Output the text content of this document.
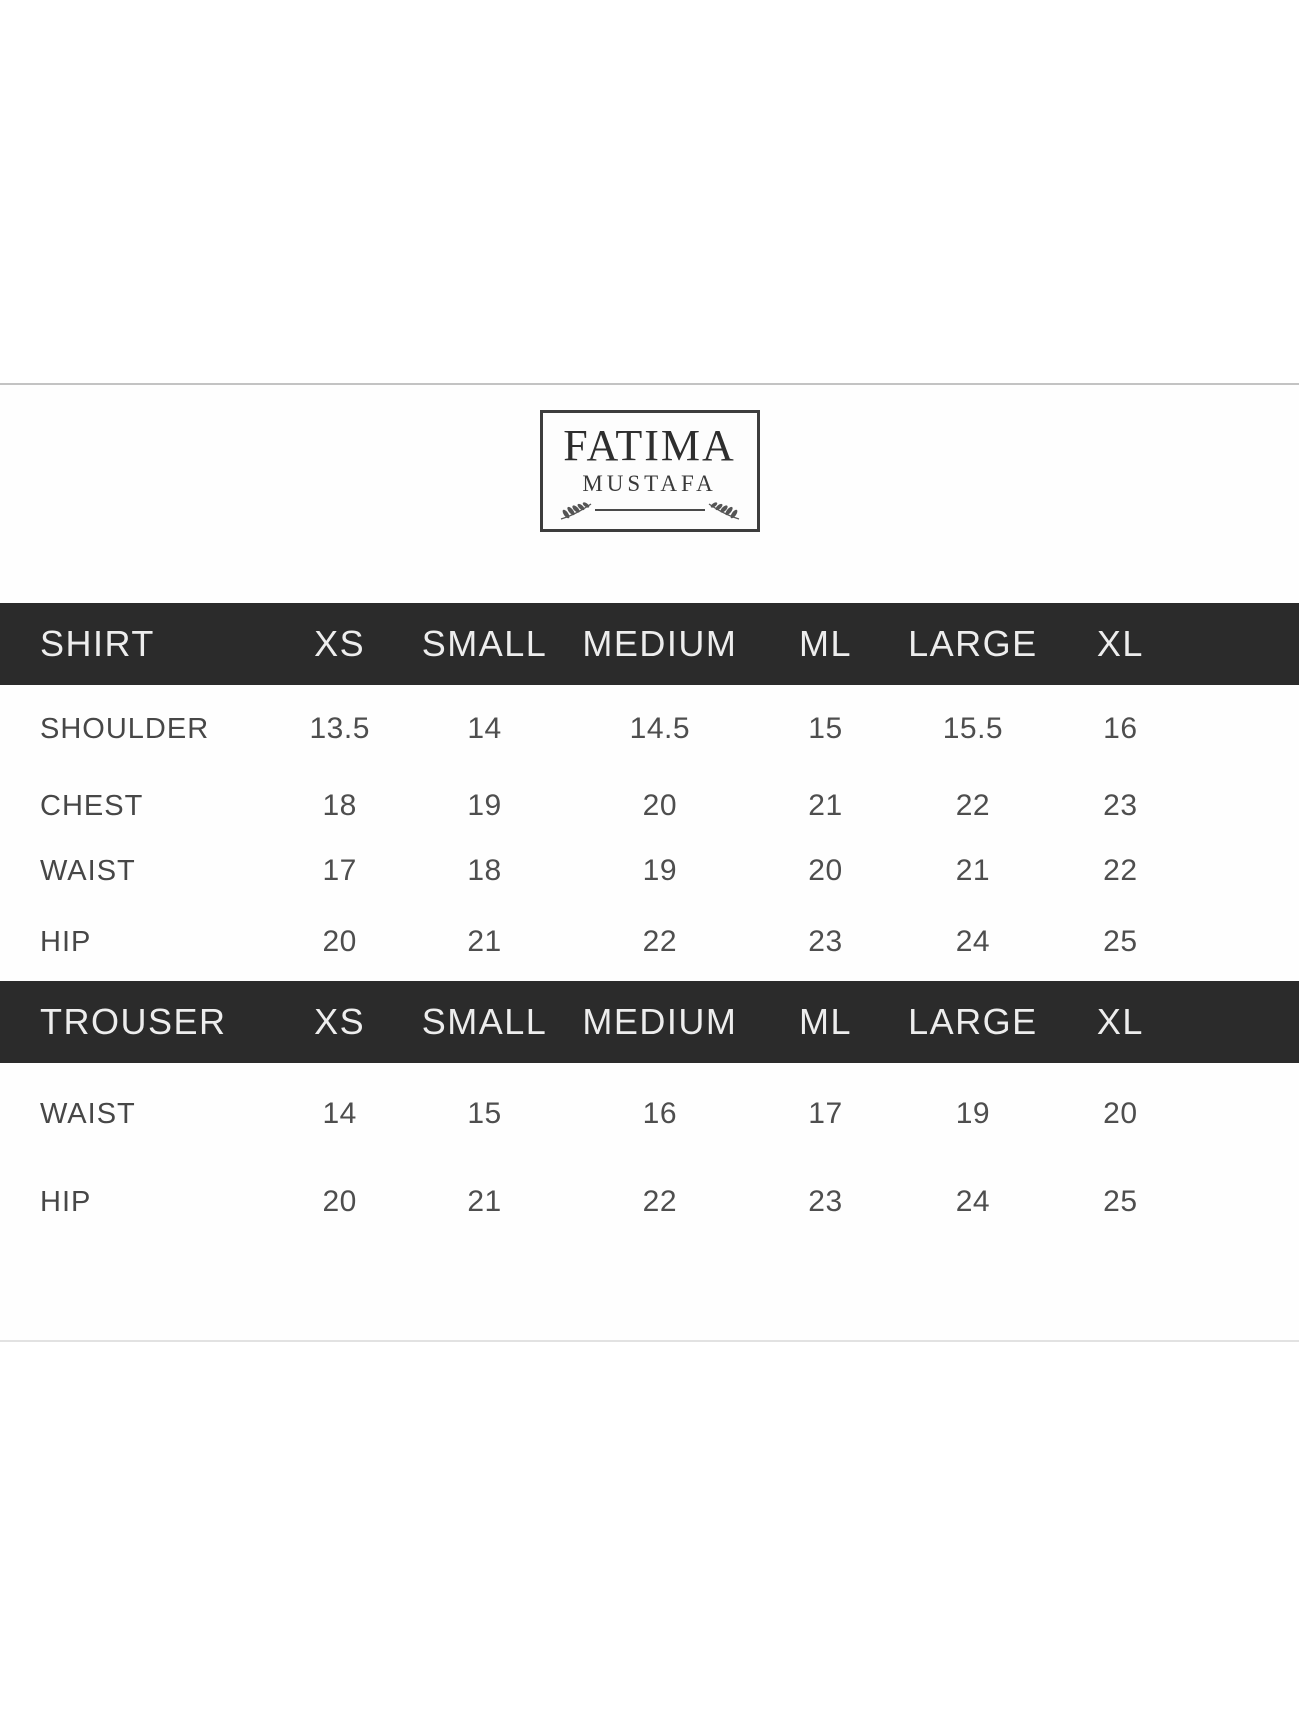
FATIMA
MUSTAFA
SHIRT	XS	SMALL	MEDIUM	ML	LARGE	XL	
SHOULDER	13.5	14	14.5	15	15.5	16	
CHEST	18	19	20	21	22	23	
WAIST	17	18	19	20	21	22	
HIP	20	21	22	23	24	25	
TROUSER	XS	SMALL	MEDIUM	ML	LARGE	XL	
WAIST	14	15	16	17	19	20	
HIP	20	21	22	23	24	25	
